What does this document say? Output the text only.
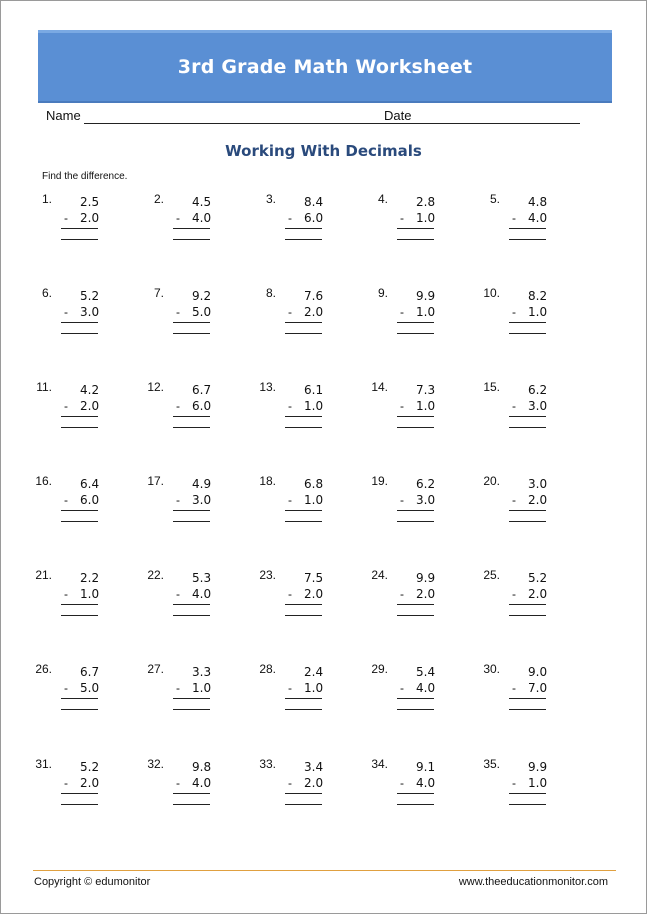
3rd Grade Math Worksheet
Name	Date
Working With Decimals
Find the difference.
1. 2.5
- 2.0
2. 4.5
- 4.0
3. 8.4
- 6.0
4. 2.8
- 1.0
5. 4.8
- 4.0
6. 5.2
- 3.0
7. 9.2
- 5.0
8. 7.6
- 2.0
9. 9.9
- 1.0
10. 8.2
- 1.0
11. 4.2
- 2.0
12. 6.7
- 6.0
13. 6.1
- 1.0
14. 7.3
- 1.0
15. 6.2
- 3.0
16. 6.4
- 6.0
17. 4.9
- 3.0
18. 6.8
- 1.0
19. 6.2
- 3.0
20. 3.0
- 2.0
21. 2.2
- 1.0
22. 5.3
- 4.0
23. 7.5
- 2.0
24. 9.9
- 2.0
25. 5.2
- 2.0
26. 6.7
- 5.0
27. 3.3
- 1.0
28. 2.4
- 1.0
29. 5.4
- 4.0
30. 9.0
- 7.0
31. 5.2
- 2.0
32. 9.8
- 4.0
33. 3.4
- 2.0
34. 9.1
- 4.0
35. 9.9
- 1.0
Copyright © edumonitor	www.theeducationmonitor.com
